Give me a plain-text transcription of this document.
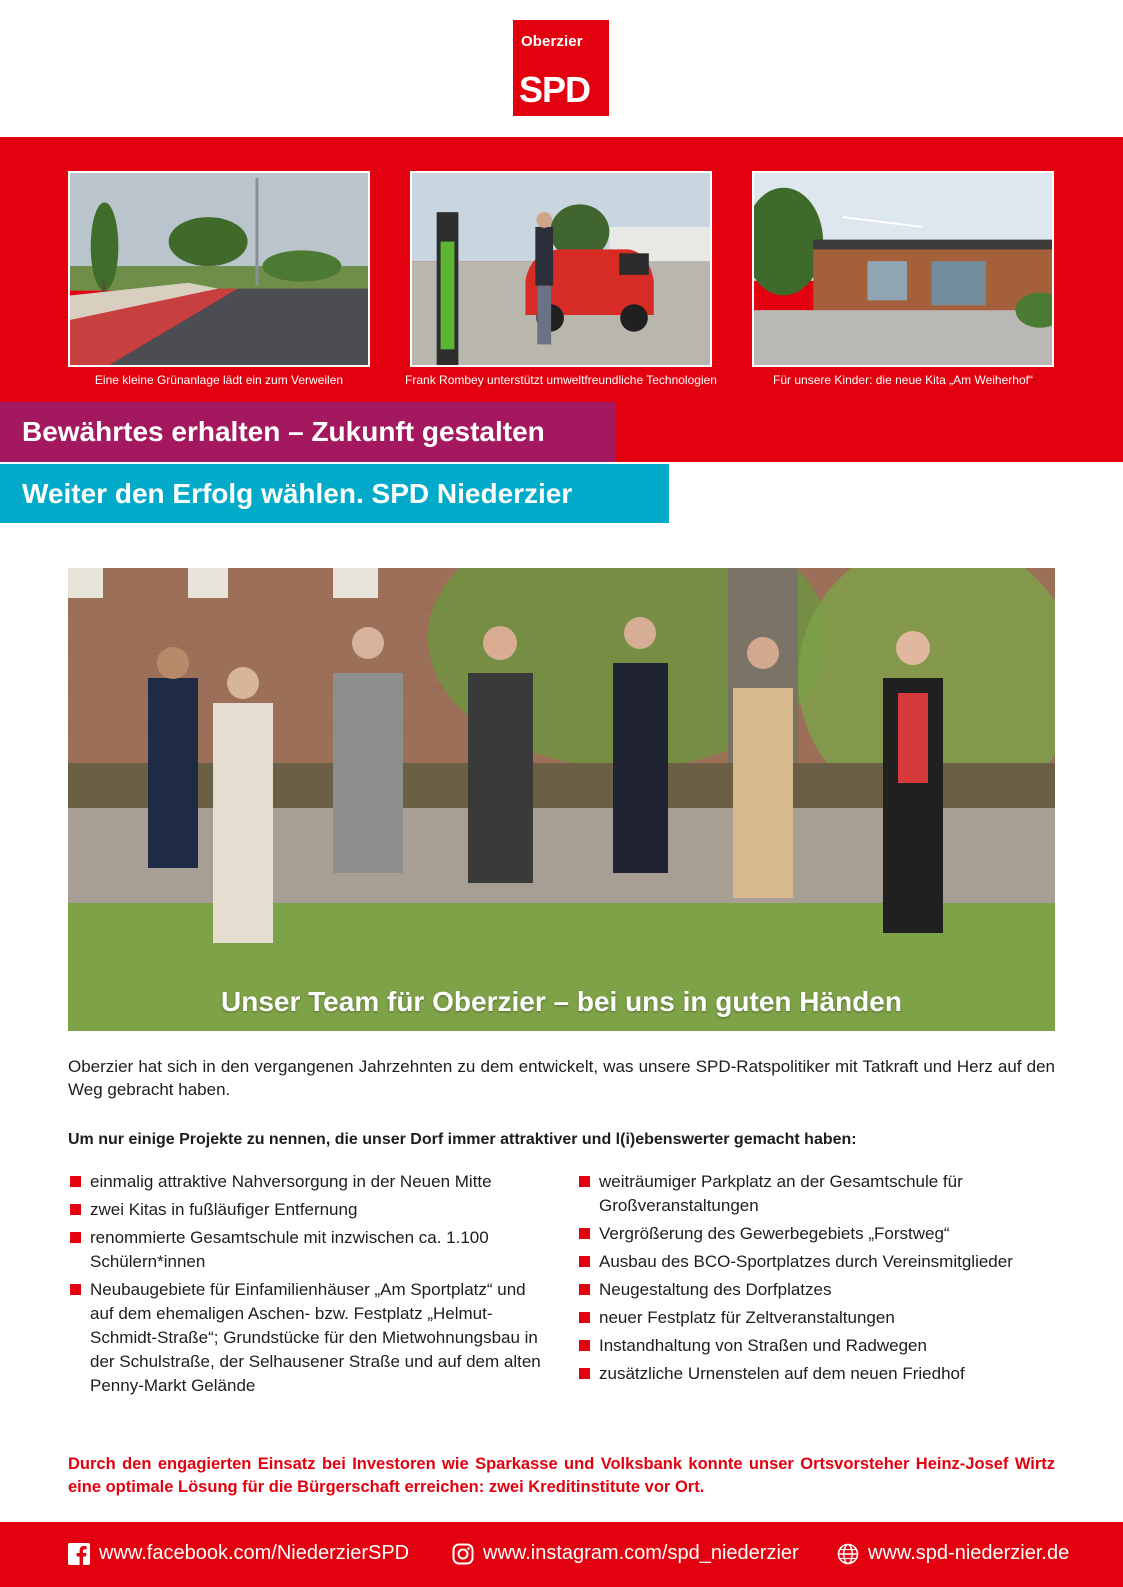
Oberzier
SPD
Eine kleine Grünanlage lädt ein zum Verweilen	Frank Rombey unterstützt umweltfreundliche Technologien	Für unsere Kinder: die neue Kita „Am Weiherhof“
Bewährtes erhalten – Zukunft gestalten
Weiter den Erfolg wählen. SPD Niederzier
Unser Team für Oberzier – bei uns in guten Händen

Oberzier hat sich in den vergangenen Jahrzehnten zu dem entwickelt, was unsere SPD-Ratspolitiker mit Tatkraft und Herz auf den Weg gebracht haben.

Um nur einige Projekte zu nennen, die unser Dorf immer attraktiver und l(i)ebenswerter gemacht haben:

einmalig attraktive Nahversorgung in der Neuen Mitte
zwei Kitas in fußläufiger Entfernung
renommierte Gesamtschule mit inzwischen ca. 1.100 Schülern*innen
Neubaugebiete für Einfamilienhäuser „Am Sportplatz“ und auf dem ehemaligen Aschen- bzw. Festplatz „Helmut-Schmidt-Straße“; Grundstücke für den Mietwohnungsbau in der Schulstraße, der Selhausener Straße und auf dem alten Penny-Markt Gelände
weiträumiger Parkplatz an der Gesamtschule für Großveranstaltungen
Vergrößerung des Gewerbegebiets „Forstweg“
Ausbau des BCO-Sportplatzes durch Vereinsmitglieder
Neugestaltung des Dorfplatzes
neuer Festplatz für Zeltveranstaltungen
Instandhaltung von Straßen und Radwegen
zusätzliche Urnenstelen auf dem neuen Friedhof

Durch den engagierten Einsatz bei Investoren wie Sparkasse und Volksbank konnte unser Ortsvorsteher Heinz-Josef Wirtz eine optimale Lösung für die Bürgerschaft erreichen: zwei Kreditinstitute vor Ort.

www.facebook.com/NiederzierSPD	www.instagram.com/spd_niederzier	www.spd-niederzier.de
